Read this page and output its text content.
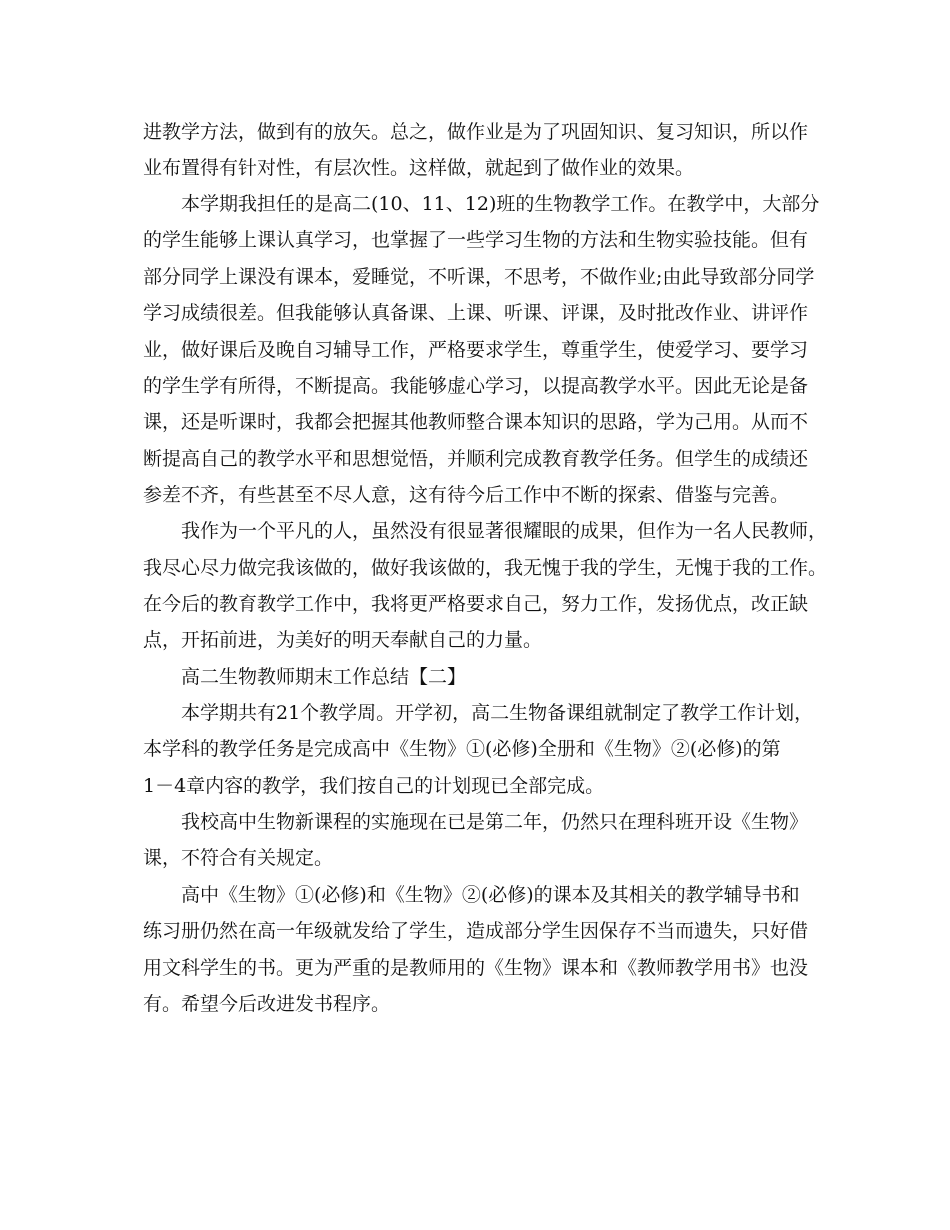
进教学方法，做到有的放矢。总之，做作业是为了巩固知识、复习知识，所以作

业布置得有针对性，有层次性。这样做，就起到了做作业的效果。

本学期我担任的是高二(10、11、12)班的生物教学工作。在教学中，大部分

的学生能够上课认真学习，也掌握了一些学习生物的方法和生物实验技能。但有

部分同学上课没有课本，爱睡觉，不听课，不思考，不做作业;由此导致部分同学

学习成绩很差。但我能够认真备课、上课、听课、评课，及时批改作业、讲评作

业，做好课后及晚自习辅导工作，严格要求学生，尊重学生，使爱学习、要学习

的学生学有所得，不断提高。我能够虚心学习，以提高教学水平。因此无论是备

课，还是听课时，我都会把握其他教师整合课本知识的思路，学为己用。从而不

断提高自己的教学水平和思想觉悟，并顺利完成教育教学任务。但学生的成绩还

参差不齐，有些甚至不尽人意，这有待今后工作中不断的探索、借鉴与完善。

我作为一个平凡的人，虽然没有很显著很耀眼的成果，但作为一名人民教师，

我尽心尽力做完我该做的，做好我该做的，我无愧于我的学生，无愧于我的工作。

在今后的教育教学工作中，我将更严格要求自己，努力工作，发扬优点，改正缺

点，开拓前进，为美好的明天奉献自己的力量。

高二生物教师期末工作总结【二】

本学期共有21个教学周。开学初，高二生物备课组就制定了教学工作计划，

本学科的教学任务是完成高中《生物》①(必修)全册和《生物》②(必修)的第

1－4章内容的教学，我们按自己的计划现已全部完成。

我校高中生物新课程的实施现在已是第二年，仍然只在理科班开设《生物》

课，不符合有关规定。

高中《生物》①(必修)和《生物》②(必修)的课本及其相关的教学辅导书和

练习册仍然在高一年级就发给了学生，造成部分学生因保存不当而遗失，只好借

用文科学生的书。更为严重的是教师用的《生物》课本和《教师教学用书》也没

有。希望今后改进发书程序。
